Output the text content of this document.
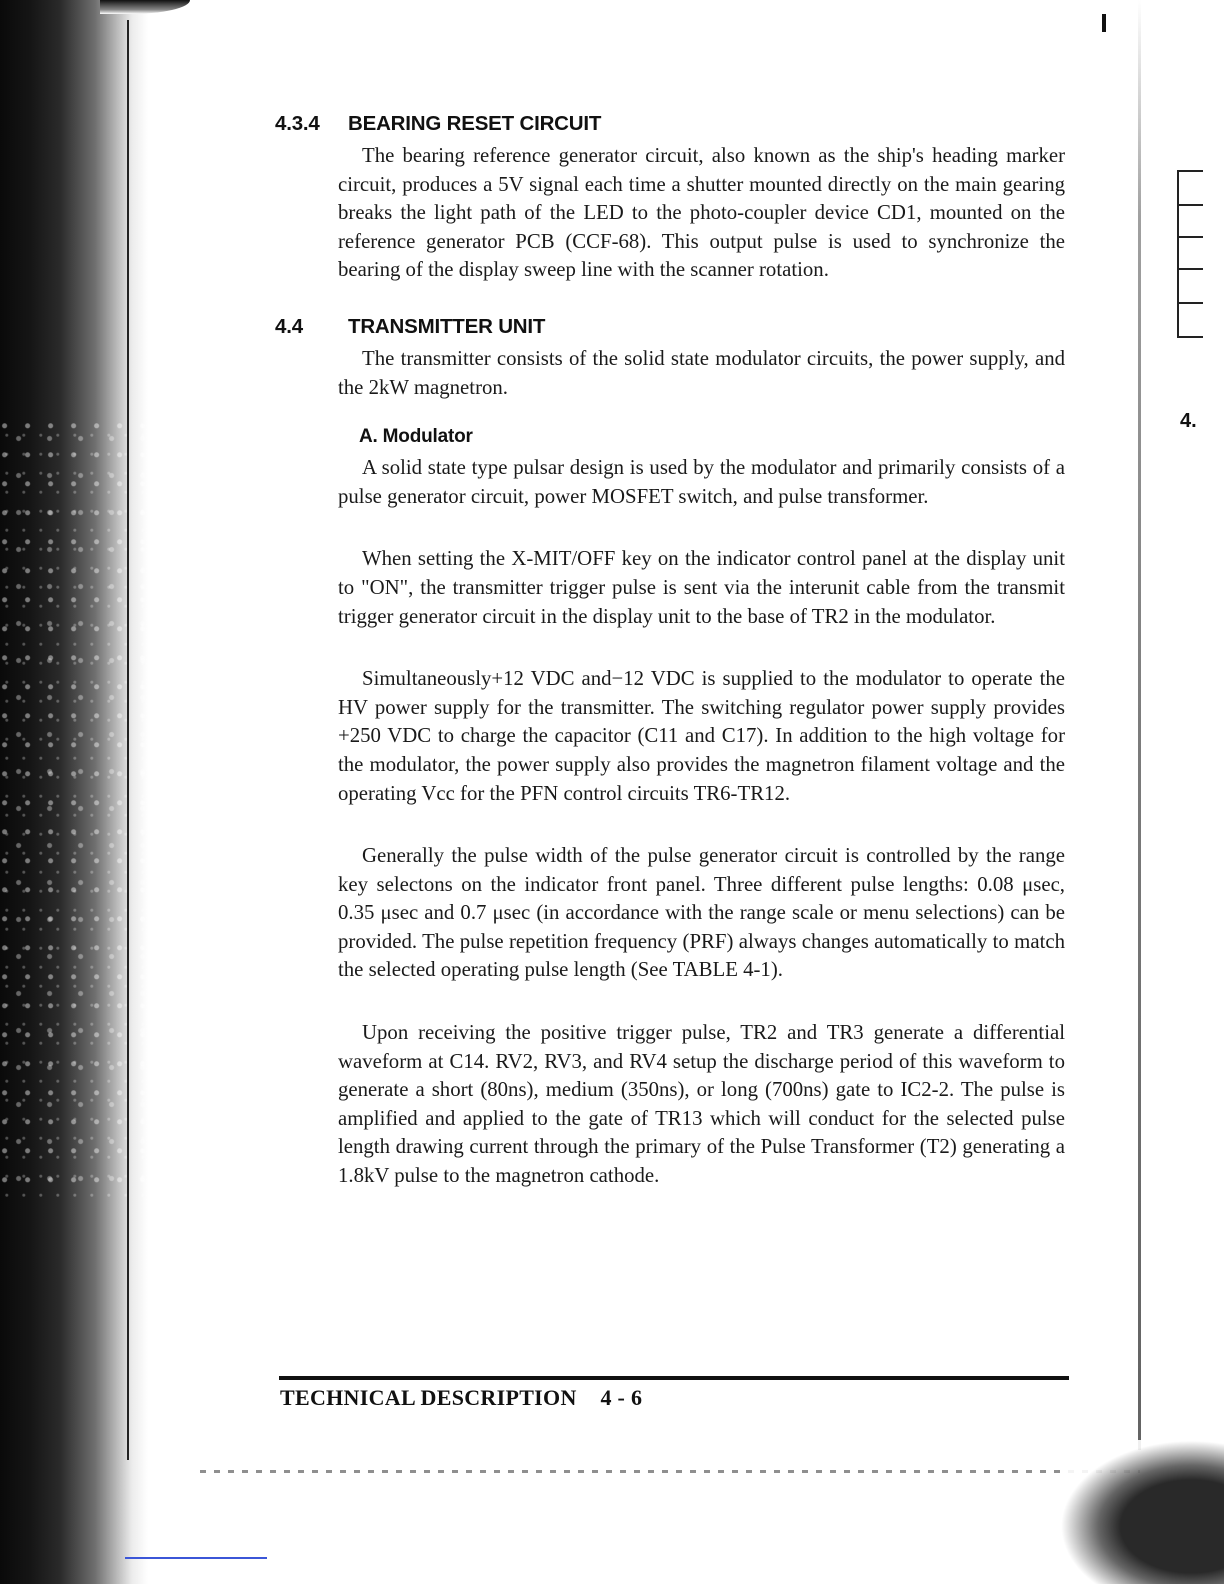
4.
4.3.4	BEARING RESET CIRCUIT

The bearing reference generator circuit, also known as the ship's heading marker circuit, produces a 5V signal each time a shutter mounted directly on the main gearing breaks the light path of the LED to the photo-coupler device CD1, mounted on the reference generator PCB (CCF-68). This output pulse is used to synchronize the bearing of the display sweep line with the scanner rotation.

4.4	TRANSMITTER UNIT

The transmitter consists of the solid state modulator circuits, the power supply, and the 2kW magnetron.

A. Modulator

A solid state type pulsar design is used by the modulator and primarily consists of a pulse generator circuit, power MOSFET switch, and pulse transformer.

When setting the X-MIT/OFF key on the indicator control panel at the display unit to "ON", the transmitter trigger pulse is sent via the interunit cable from the transmit trigger generator circuit in the display unit to the base of TR2 in the modulator.

Simultaneously+12 VDC and−12 VDC is supplied to the modulator to operate the HV power supply for the transmitter. The switching regulator power supply provides +250 VDC to charge the capacitor (C11 and C17). In addition to the high voltage for the modulator, the power supply also provides the magnetron filament voltage and the operating Vcc for the PFN control circuits TR6-TR12.

Generally the pulse width of the pulse generator circuit is controlled by the range key selectons on the indicator front panel. Three different pulse lengths: 0.08 μsec, 0.35 μsec and 0.7 μsec (in accordance with the range scale or menu selections) can be provided. The pulse repetition frequency (PRF) always changes automatically to match the selected operating pulse length (See TABLE 4-1).

Upon receiving the positive trigger pulse, TR2 and TR3 generate a differential waveform at C14. RV2, RV3, and RV4 setup the discharge period of this waveform to generate a short (80ns), medium (350ns), or long (700ns) gate to IC2-2. The pulse is amplified and applied to the gate of TR13 which will conduct for the selected pulse length drawing current through the primary of the Pulse Transformer (T2) generating a 1.8kV pulse to the magnetron cathode.

TECHNICAL DESCRIPTION 4 - 6
